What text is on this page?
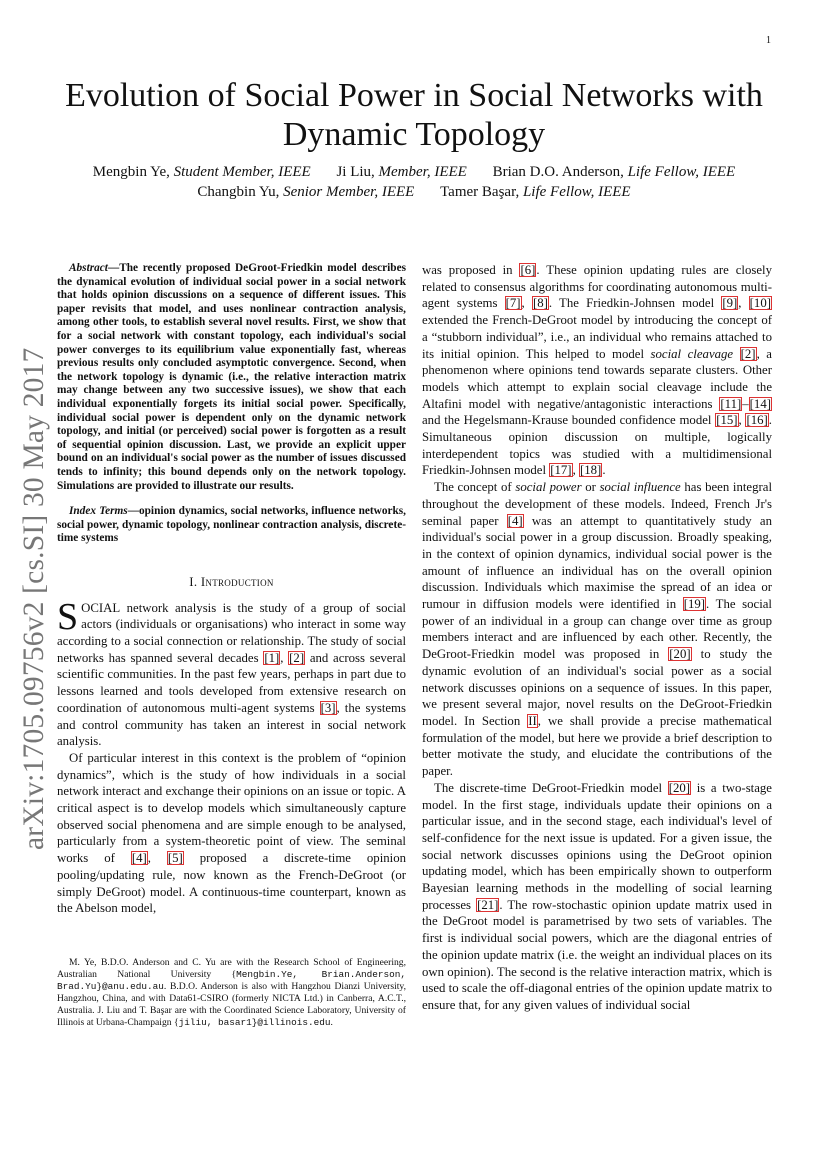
1
arXiv:1705.09756v2 [cs.SI] 30 May 2017
Evolution of Social Power in Social Networks with Dynamic Topology
Mengbin Ye, Student Member, IEEE Ji Liu, Member, IEEE Brian D.O. Anderson, Life Fellow, IEEE
Changbin Yu, Senior Member, IEEE Tamer Başar, Life Fellow, IEEE

Abstract—The recently proposed DeGroot-Friedkin model describes the dynamical evolution of individual social power in a social network that holds opinion discussions on a sequence of different issues. This paper revisits that model, and uses nonlinear contraction analysis, among other tools, to establish several novel results. First, we show that for a social network with constant topology, each individual's social power converges to its equilibrium value exponentially fast, whereas previous results only concluded asymptotic convergence. Second, when the network topology is dynamic (i.e., the relative interaction matrix may change between any two successive issues), we show that each individual exponentially forgets its initial social power. Specifically, individual social power is dependent only on the dynamic network topology, and initial (or perceived) social power is forgotten as a result of sequential opinion discussion. Last, we provide an explicit upper bound on an individual's social power as the number of issues discussed tends to infinity; this bound depends only on the network topology. Simulations are provided to illustrate our results.

Index Terms—opinion dynamics, social networks, influence networks, social power, dynamic topology, nonlinear contraction analysis, discrete-time systems

I. Introduction

SOCIAL network analysis is the study of a group of social actors (individuals or organisations) who interact in some way according to a social connection or relationship. The study of social networks has spanned several decades [1], [2] and across several scientific communities. In the past few years, perhaps in part due to lessons learned and tools developed from extensive research on coordination of autonomous multi-agent systems [3], the systems and control community has taken an interest in social network analysis.

Of particular interest in this context is the problem of “opinion dynamics”, which is the study of how individuals in a social network interact and exchange their opinions on an issue or topic. A critical aspect is to develop models which simultaneously capture observed social phenomena and are simple enough to be analysed, particularly from a system-theoretic point of view. The seminal works of [4], [5] proposed a discrete-time opinion pooling/updating rule, now known as the French-DeGroot (or simply DeGroot) model. A continuous-time counterpart, known as the Abelson model,

M. Ye, B.D.O. Anderson and C. Yu are with the Research School of Engineering, Australian National University {Mengbin.Ye, Brian.Anderson, Brad.Yu}@anu.edu.au. B.D.O. Anderson is also with Hangzhou Dianzi University, Hangzhou, China, and with Data61-CSIRO (formerly NICTA Ltd.) in Canberra, A.C.T., Australia. J. Liu and T. Başar are with the Coordinated Science Laboratory, University of Illinois at Urbana-Champaign {jiliu, basar1}@illinois.edu.

was proposed in [6]. These opinion updating rules are closely related to consensus algorithms for coordinating autonomous multi-agent systems [7], [8]. The Friedkin-Johnsen model [9], [10] extended the French-DeGroot model by introducing the concept of a “stubborn individual”, i.e., an individual who remains attached to its initial opinion. This helped to model social cleavage [2], a phenomenon where opinions tend towards separate clusters. Other models which attempt to explain social cleavage include the Altafini model with negative/antagonistic interactions [11]–[14] and the Hegelsmann-Krause bounded confidence model [15], [16]. Simultaneous opinion discussion on multiple, logically interdependent topics was studied with a multidimensional Friedkin-Johnsen model [17], [18].

The concept of social power or social influence has been integral throughout the development of these models. Indeed, French Jr's seminal paper [4] was an attempt to quantitatively study an individual's social power in a group discussion. Broadly speaking, in the context of opinion dynamics, individual social power is the amount of influence an individual has on the overall opinion discussion. Individuals which maximise the spread of an idea or rumour in diffusion models were identified in [19]. The social power of an individual in a group can change over time as group members interact and are influenced by each other. Recently, the DeGroot-Friedkin model was proposed in [20] to study the dynamic evolution of an individual's social power as a social network discusses opinions on a sequence of issues. In this paper, we present several major, novel results on the DeGroot-Friedkin model. In Section II, we shall provide a precise mathematical formulation of the model, but here we provide a brief description to better motivate the study, and elucidate the contributions of the paper.

The discrete-time DeGroot-Friedkin model [20] is a two-stage model. In the first stage, individuals update their opinions on a particular issue, and in the second stage, each individual's level of self-confidence for the next issue is updated. For a given issue, the social network discusses opinions using the DeGroot opinion updating model, which has been empirically shown to outperform Bayesian learning methods in the modelling of social learning processes [21]. The row-stochastic opinion update matrix used in the DeGroot model is parametrised by two sets of variables. The first is individual social powers, which are the diagonal entries of the opinion update matrix (i.e. the weight an individual places on its own opinion). The second is the relative interaction matrix, which is used to scale the off-diagonal entries of the opinion update matrix to ensure that, for any given values of individual social
